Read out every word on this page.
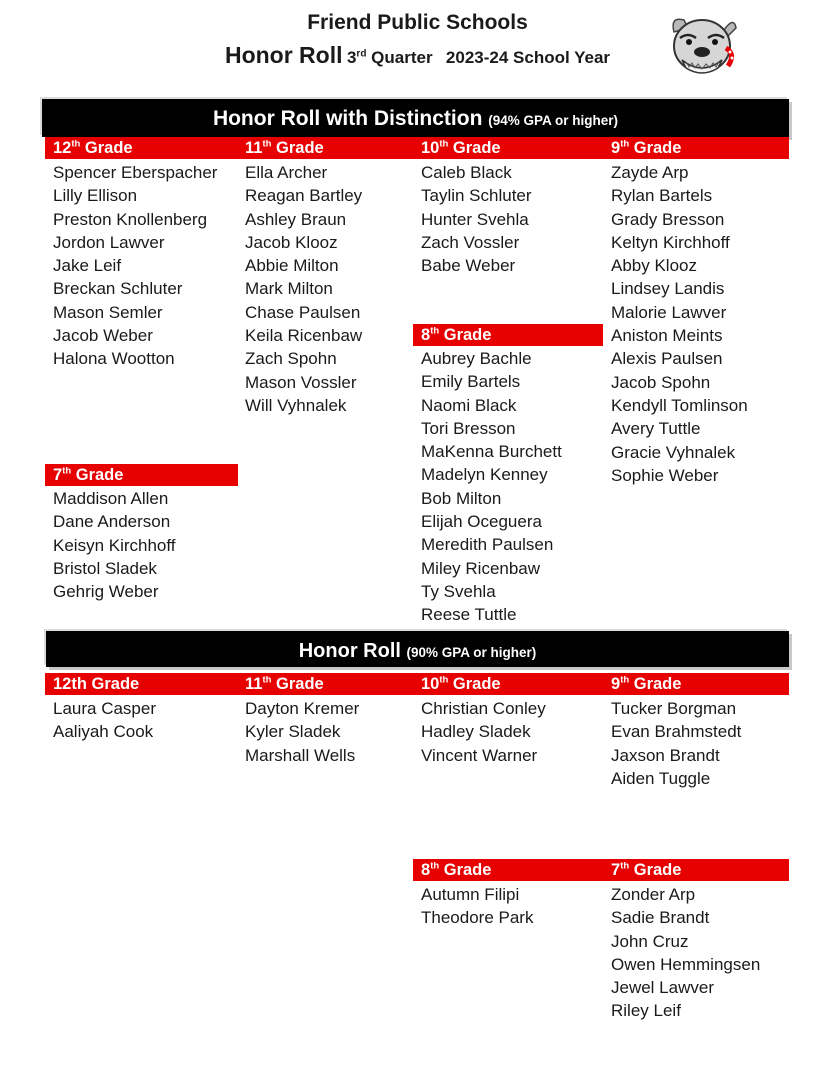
Friend Public Schools
Honor Roll 3rd Quarter 2023-24 School Year
Honor Roll with Distinction (94% GPA or higher)
12th Grade
Spencer Eberspacher
Lilly Ellison
Preston Knollenberg
Jordon Lawver
Jake Leif
Breckan Schluter
Mason Semler
Jacob Weber
Halona Wootton
11th Grade
Ella Archer
Reagan Bartley
Ashley Braun
Jacob Klooz
Abbie Milton
Mark Milton
Chase Paulsen
Keila Ricenbaw
Zach Spohn
Mason Vossler
Will Vyhnalek
10th Grade
Caleb Black
Taylin Schluter
Hunter Svehla
Zach Vossler
Babe Weber
9th Grade
Zayde Arp
Rylan Bartels
Grady Bresson
Keltyn Kirchhoff
Abby Klooz
Lindsey Landis
Malorie Lawver
Aniston Meints
Alexis Paulsen
Jacob Spohn
Kendyll Tomlinson
Avery Tuttle
Gracie Vyhnalek
Sophie Weber
8th Grade
Aubrey Bachle
Emily Bartels
Naomi Black
Tori Bresson
MaKenna Burchett
Madelyn Kenney
Bob Milton
Elijah Oceguera
Meredith Paulsen
Miley Ricenbaw
Ty Svehla
Reese Tuttle
7th Grade
Maddison Allen
Dane Anderson
Keisyn Kirchhoff
Bristol Sladek
Gehrig Weber
Honor Roll (90% GPA or higher)
12th Grade
Laura Casper
Aaliyah Cook
11th Grade
Dayton Kremer
Kyler Sladek
Marshall Wells
10th Grade
Christian Conley
Hadley Sladek
Vincent Warner
9th Grade
Tucker Borgman
Evan Brahmstedt
Jaxson Brandt
Aiden Tuggle
8th Grade
Autumn Filipi
Theodore Park
7th Grade
Zonder Arp
Sadie Brandt
John Cruz
Owen Hemmingsen
Jewel Lawver
Riley Leif
